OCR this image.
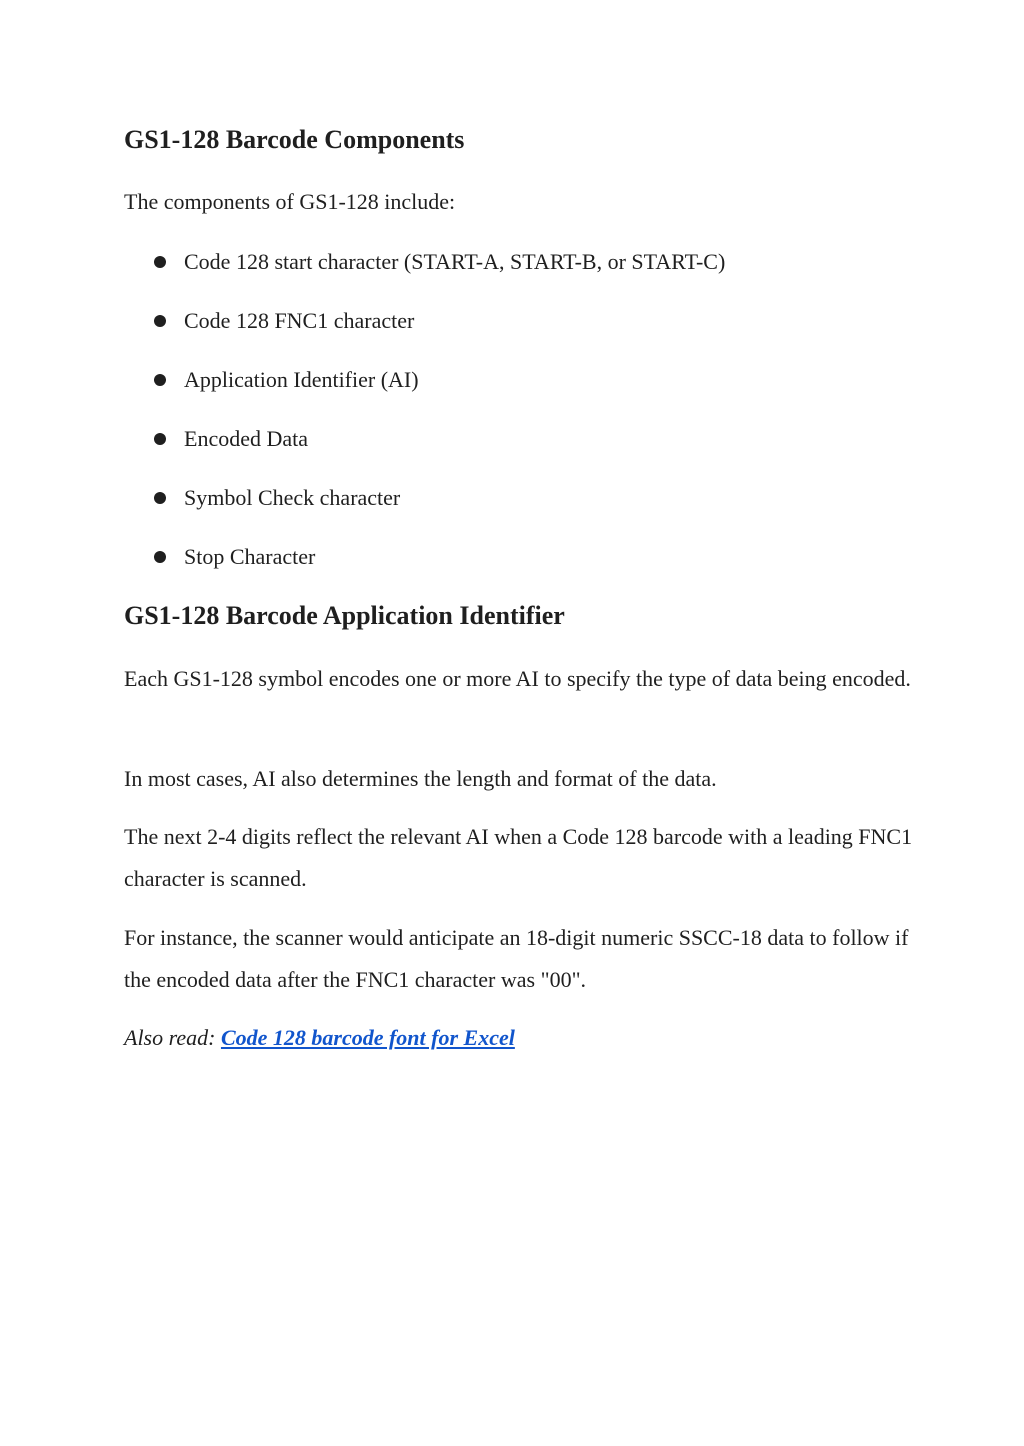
GS1-128 Barcode Components

The components of GS1-128 include:

Code 128 start character (START-A, START-B, or START-C)
Code 128 FNC1 character
Application Identifier (AI)
Encoded Data
Symbol Check character
Stop Character
GS1-128 Barcode Application Identifier

Each GS1-128 symbol encodes one or more AI to specify the type of data being encoded.

In most cases, AI also determines the length and format of the data.

The next 2-4 digits reflect the relevant AI when a Code 128 barcode with a leading FNC1 character is scanned.

For instance, the scanner would anticipate an 18-digit numeric SSCC-18 data to follow if the encoded data after the FNC1 character was "00".

Also read: Code 128 barcode font for Excel
